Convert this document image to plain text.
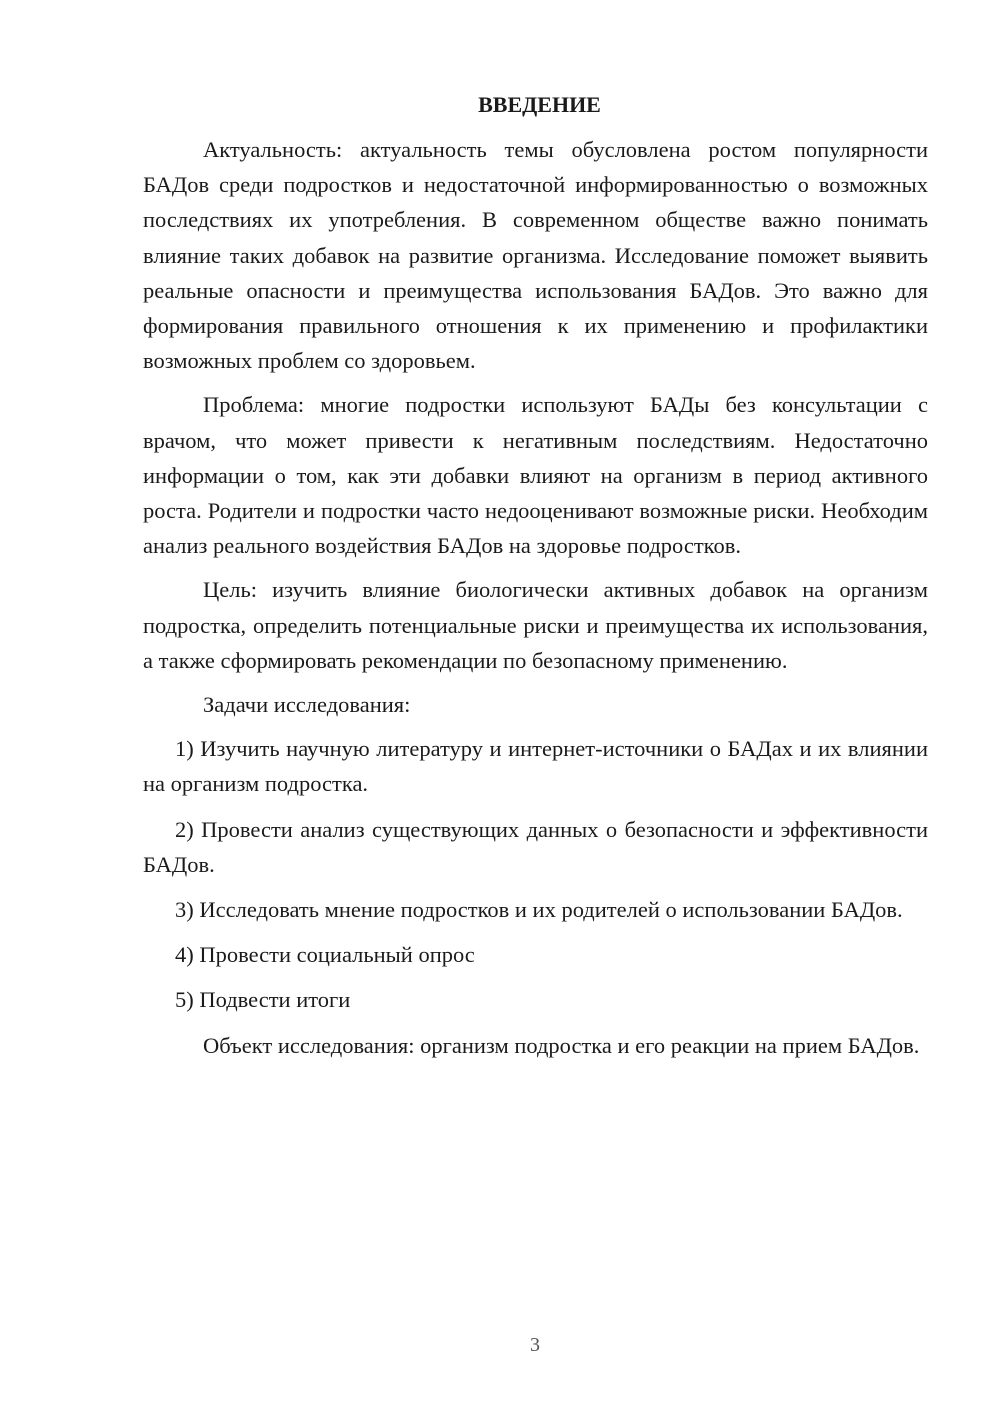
ВВЕДЕНИЕ

Актуальность: актуальность темы обусловлена ростом популярности БАДов среди подростков и недостаточной информированностью о возможных последствиях их употребления. В современном обществе важно понимать влияние таких добавок на развитие организма. Исследование поможет выявить реальные опасности и преимущества использования БАДов. Это важно для формирования правильного отношения к их применению и профилактики возможных проблем со здоровьем.

Проблема: многие подростки используют БАДы без консультации с врачом, что может привести к негативным последствиям. Недостаточно информации о том, как эти добавки влияют на организм в период активного роста. Родители и подростки часто недооценивают возможные риски. Необходим анализ реального воздействия БАДов на здоровье подростков.

Цель: изучить влияние биологически активных добавок на организм подростка, определить потенциальные риски и преимущества их использования, а также сформировать рекомендации по безопасному применению.

Задачи исследования:

1) Изучить научную литературу и интернет-источники о БАДах и их влиянии на организм подростка.

2) Провести анализ существующих данных о безопасности и эффективности БАДов.

3) Исследовать мнение подростков и их родителей о использовании БАДов.

4) Провести социальный опрос

5) Подвести итоги

Объект исследования: организм подростка и его реакции на прием БАДов.

3
